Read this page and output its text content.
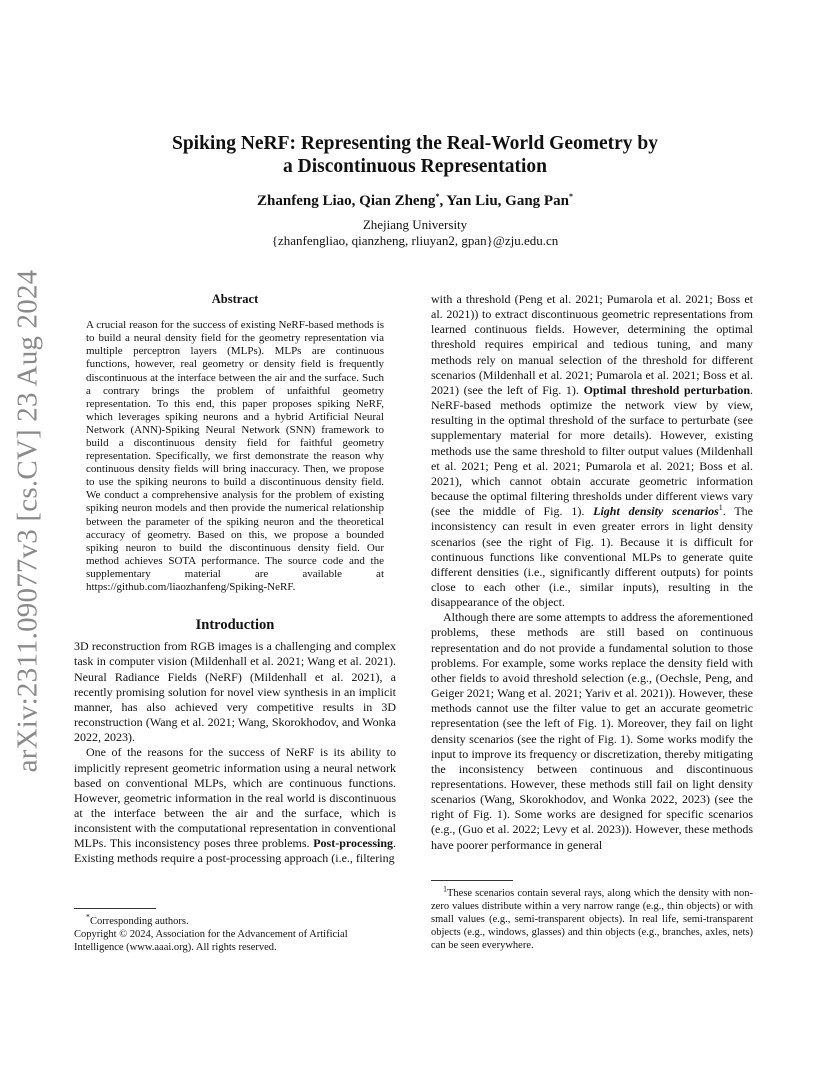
arXiv:2311.09077v3 [cs.CV] 23 Aug 2024
Spiking NeRF: Representing the Real-World Geometry by
a Discontinuous Representation
Zhanfeng Liao, Qian Zheng*, Yan Liu, Gang Pan*
Zhejiang University
{zhanfengliao, qianzheng, rliuyan2, gpan}@zju.edu.cn
Abstract
A crucial reason for the success of existing NeRF-based methods is to build a neural density field for the geometry representation via multiple perceptron layers (MLPs). MLPs are continuous functions, however, real geometry or density field is frequently discontinuous at the interface between the air and the surface. Such a contrary brings the problem of unfaithful geometry representation. To this end, this paper proposes spiking NeRF, which leverages spiking neurons and a hybrid Artificial Neural Network (ANN)-Spiking Neural Network (SNN) framework to build a discontinuous density field for faithful geometry representation. Specifically, we first demonstrate the reason why continuous density fields will bring inaccuracy. Then, we propose to use the spiking neurons to build a discontinuous density field. We conduct a comprehensive analysis for the problem of existing spiking neuron models and then provide the numerical relationship between the parameter of the spiking neuron and the theoretical accuracy of geometry. Based on this, we propose a bounded spiking neuron to build the discontinuous density field. Our method achieves SOTA performance. The source code and the supplementary material are available at https://github.com/liaozhanfeng/Spiking-NeRF.
Introduction

3D reconstruction from RGB images is a challenging and complex task in computer vision (Mildenhall et al. 2021; Wang et al. 2021). Neural Radiance Fields (NeRF) (Mildenhall et al. 2021), a recently promising solution for novel view synthesis in an implicit manner, has also achieved very competitive results in 3D reconstruction (Wang et al. 2021; Wang, Skorokhodov, and Wonka 2022, 2023).

One of the reasons for the success of NeRF is its ability to implicitly represent geometric information using a neural network based on conventional MLPs, which are continuous functions. However, geometric information in the real world is discontinuous at the interface between the air and the surface, which is inconsistent with the computational representation in conventional MLPs. This inconsistency poses three problems. Post-processing. Existing methods require a post-processing approach (i.e., filtering

*Corresponding authors.

Copyright © 2024, Association for the Advancement of Artificial Intelligence (www.aaai.org). All rights reserved.

with a threshold (Peng et al. 2021; Pumarola et al. 2021; Boss et al. 2021)) to extract discontinuous geometric representations from learned continuous fields. However, determining the optimal threshold requires empirical and tedious tuning, and many methods rely on manual selection of the threshold for different scenarios (Mildenhall et al. 2021; Pumarola et al. 2021; Boss et al. 2021) (see the left of Fig. 1). Optimal threshold perturbation. NeRF-based methods optimize the network view by view, resulting in the optimal threshold of the surface to perturbate (see supplementary material for more details). However, existing methods use the same threshold to filter output values (Mildenhall et al. 2021; Peng et al. 2021; Pumarola et al. 2021; Boss et al. 2021), which cannot obtain accurate geometric information because the optimal filtering thresholds under different views vary (see the middle of Fig. 1). Light density scenarios$^1$. The inconsistency can result in even greater errors in light density scenarios (see the right of Fig. 1). Because it is difficult for continuous functions like conventional MLPs to generate quite different densities (i.e., significantly different outputs) for points close to each other (i.e., similar inputs), resulting in the disappearance of the object.

Although there are some attempts to address the aforementioned problems, these methods are still based on continuous representation and do not provide a fundamental solution to those problems. For example, some works replace the density field with other fields to avoid threshold selection (e.g., (Oechsle, Peng, and Geiger 2021; Wang et al. 2021; Yariv et al. 2021)). However, these methods cannot use the filter value to get an accurate geometric representation (see the left of Fig. 1). Moreover, they fail on light density scenarios (see the right of Fig. 1). Some works modify the input to improve its frequency or discretization, thereby mitigating the inconsistency between continuous and discontinuous representations. However, these methods still fail on light density scenarios (Wang, Skorokhodov, and Wonka 2022, 2023) (see the right of Fig. 1). Some works are designed for specific scenarios (e.g., (Guo et al. 2022; Levy et al. 2023)). However, these methods have poorer performance in general

$^1$These scenarios contain several rays, along which the density with non-zero values distribute within a very narrow range (e.g., thin objects) or with small values (e.g., semi-transparent objects). In real life, semi-transparent objects (e.g., windows, glasses) and thin objects (e.g., branches, axles, nets) can be seen everywhere.
